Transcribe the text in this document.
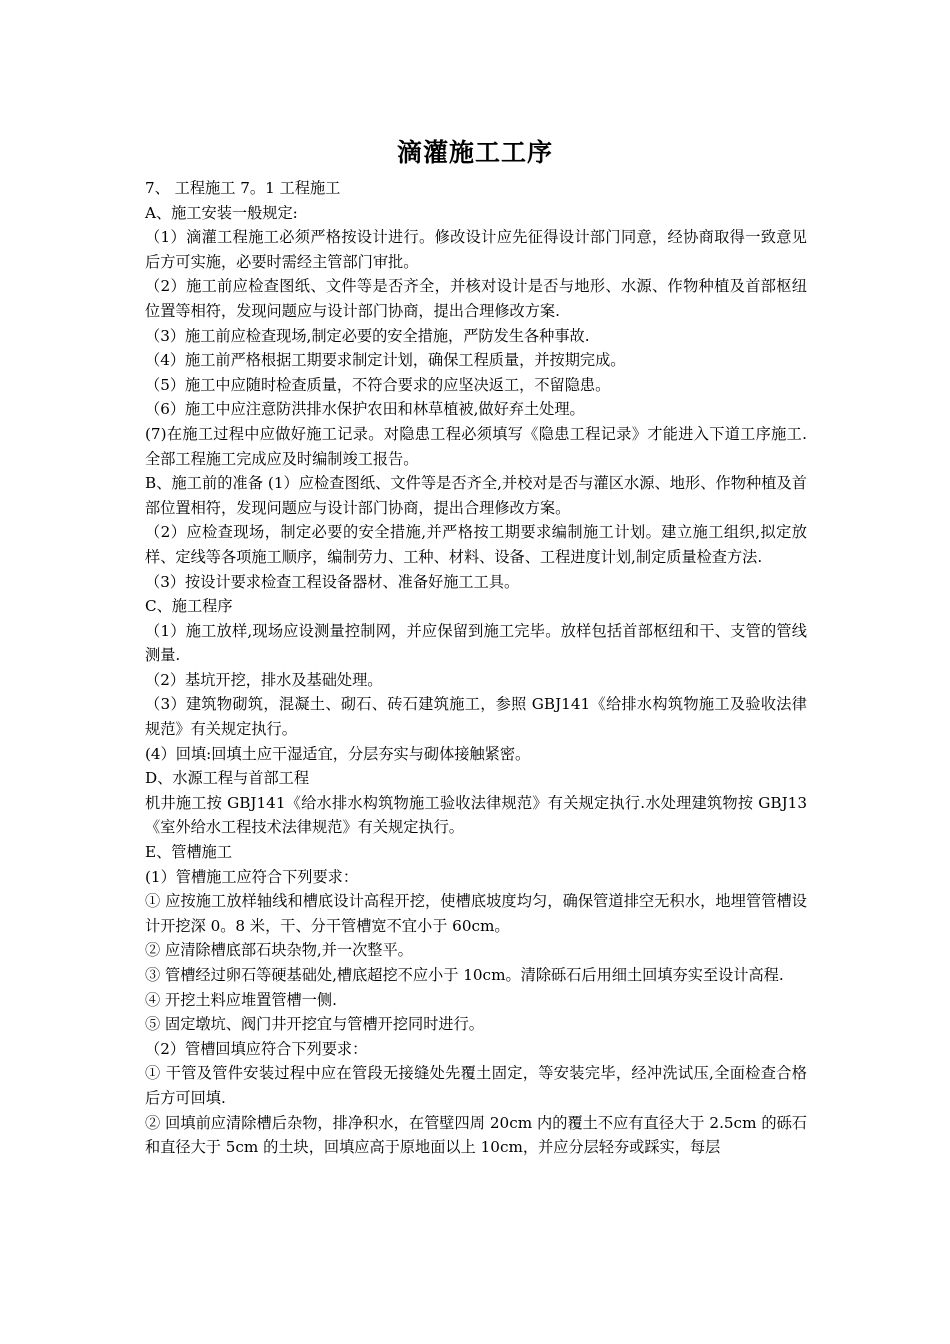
滴灌施工工序

7、 工程施工 7。1 工程施工

A、施工安装一般规定:

（1）滴灌工程施工必须严格按设计进行。修改设计应先征得设计部门同意，经协商取得一致意见后方可实施，必要时需经主管部门审批。

（2）施工前应检查图纸、文件等是否齐全，并核对设计是否与地形、水源、作物种植及首部枢纽位置等相符，发现问题应与设计部门协商，提出合理修改方案.

（3）施工前应检查现场,制定必要的安全措施，严防发生各种事故.

（4）施工前严格根据工期要求制定计划，确保工程质量，并按期完成。

（5）施工中应随时检查质量，不符合要求的应坚决返工，不留隐患。

（6）施工中应注意防洪排水保护农田和林草植被,做好弃土处理。

(7)在施工过程中应做好施工记录。对隐患工程必须填写《隐患工程记录》才能进入下道工序施工.全部工程施工完成应及时编制竣工报告。

B、施工前的准备 (1）应检查图纸、文件等是否齐全,并校对是否与灌区水源、地形、作物种植及首部位置相符，发现问题应与设计部门协商，提出合理修改方案。

（2）应检查现场，制定必要的安全措施,并严格按工期要求编制施工计划。建立施工组织,拟定放样、定线等各项施工顺序，编制劳力、工种、材料、设备、工程进度计划,制定质量检查方法.

（3）按设计要求检查工程设备器材、准备好施工工具。

C、施工程序

（1）施工放样,现场应设测量控制网，并应保留到施工完毕。放样包括首部枢纽和干、支管的管线测量.

（2）基坑开挖，排水及基础处理。

（3）建筑物砌筑，混凝土、砌石、砖石建筑施工，参照 GBJ141《给排水构筑物施工及验收法律规范》有关规定执行。

(4）回填:回填土应干湿适宜，分层夯实与砌体接触紧密。

D、水源工程与首部工程

机井施工按 GBJ141《给水排水构筑物施工验收法律规范》有关规定执行.水处理建筑物按 GBJ13《室外给水工程技术法律规范》有关规定执行。

E、管槽施工

(1）管槽施工应符合下列要求：

① 应按施工放样轴线和槽底设计高程开挖，使槽底坡度均匀，确保管道排空无积水，地埋管管槽设计开挖深 0。8 米，干、分干管槽宽不宜小于 60cm。

② 应清除槽底部石块杂物,并一次整平。

③ 管槽经过卵石等硬基础处,槽底超挖不应小于 10cm。清除砾石后用细土回填夯实至设计高程.

④ 开挖土料应堆置管槽一侧.

⑤ 固定墩坑、阀门井开挖宜与管槽开挖同时进行。

（2）管槽回填应符合下列要求：

① 干管及管件安装过程中应在管段无接缝处先覆土固定，等安装完毕，经冲洗试压,全面检查合格后方可回填.

② 回填前应清除槽后杂物，排净积水，在管壁四周 20cm 内的覆土不应有直径大于 2.5cm 的砾石和直径大于 5cm 的土块，回填应高于原地面以上 10cm，并应分层轻夯或踩实，每层
